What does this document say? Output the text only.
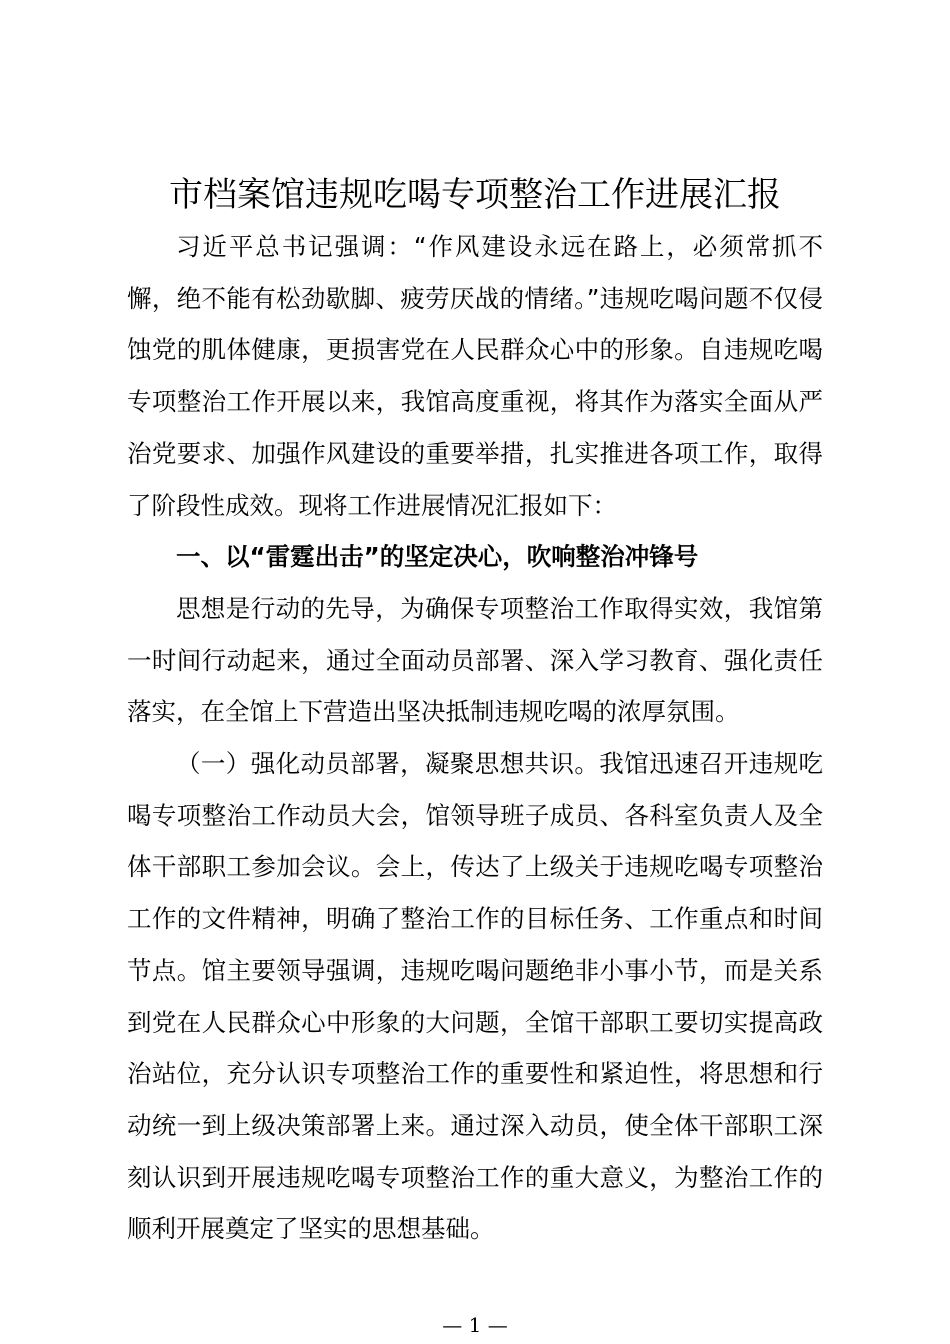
市档案馆违规吃喝专项整治工作进展汇报

习近平总书记强调：“作风建设永远在路上，必须常抓不懈，绝不能有松劲歇脚、疲劳厌战的情绪。”违规吃喝问题不仅侵蚀党的肌体健康，更损害党在人民群众心中的形象。自违规吃喝专项整治工作开展以来，我馆高度重视，将其作为落实全面从严治党要求、加强作风建设的重要举措，扎实推进各项工作，取得了阶段性成效。现将工作进展情况汇报如下：

一、以“雷霆出击”的坚定决心，吹响整治冲锋号

思想是行动的先导，为确保专项整治工作取得实效，我馆第一时间行动起来，通过全面动员部署、深入学习教育、强化责任落实，在全馆上下营造出坚决抵制违规吃喝的浓厚氛围。

（一）强化动员部署，凝聚思想共识。我馆迅速召开违规吃喝专项整治工作动员大会，馆领导班子成员、各科室负责人及全体干部职工参加会议。会上，传达了上级关于违规吃喝专项整治工作的文件精神，明确了整治工作的目标任务、工作重点和时间节点。馆主要领导强调，违规吃喝问题绝非小事小节，而是关系到党在人民群众心中形象的大问题，全馆干部职工要切实提高政治站位，充分认识专项整治工作的重要性和紧迫性，将思想和行动统一到上级决策部署上来。通过深入动员，使全体干部职工深刻认识到开展违规吃喝专项整治工作的重大意义，为整治工作的顺利开展奠定了坚实的思想基础。

— 1 —
